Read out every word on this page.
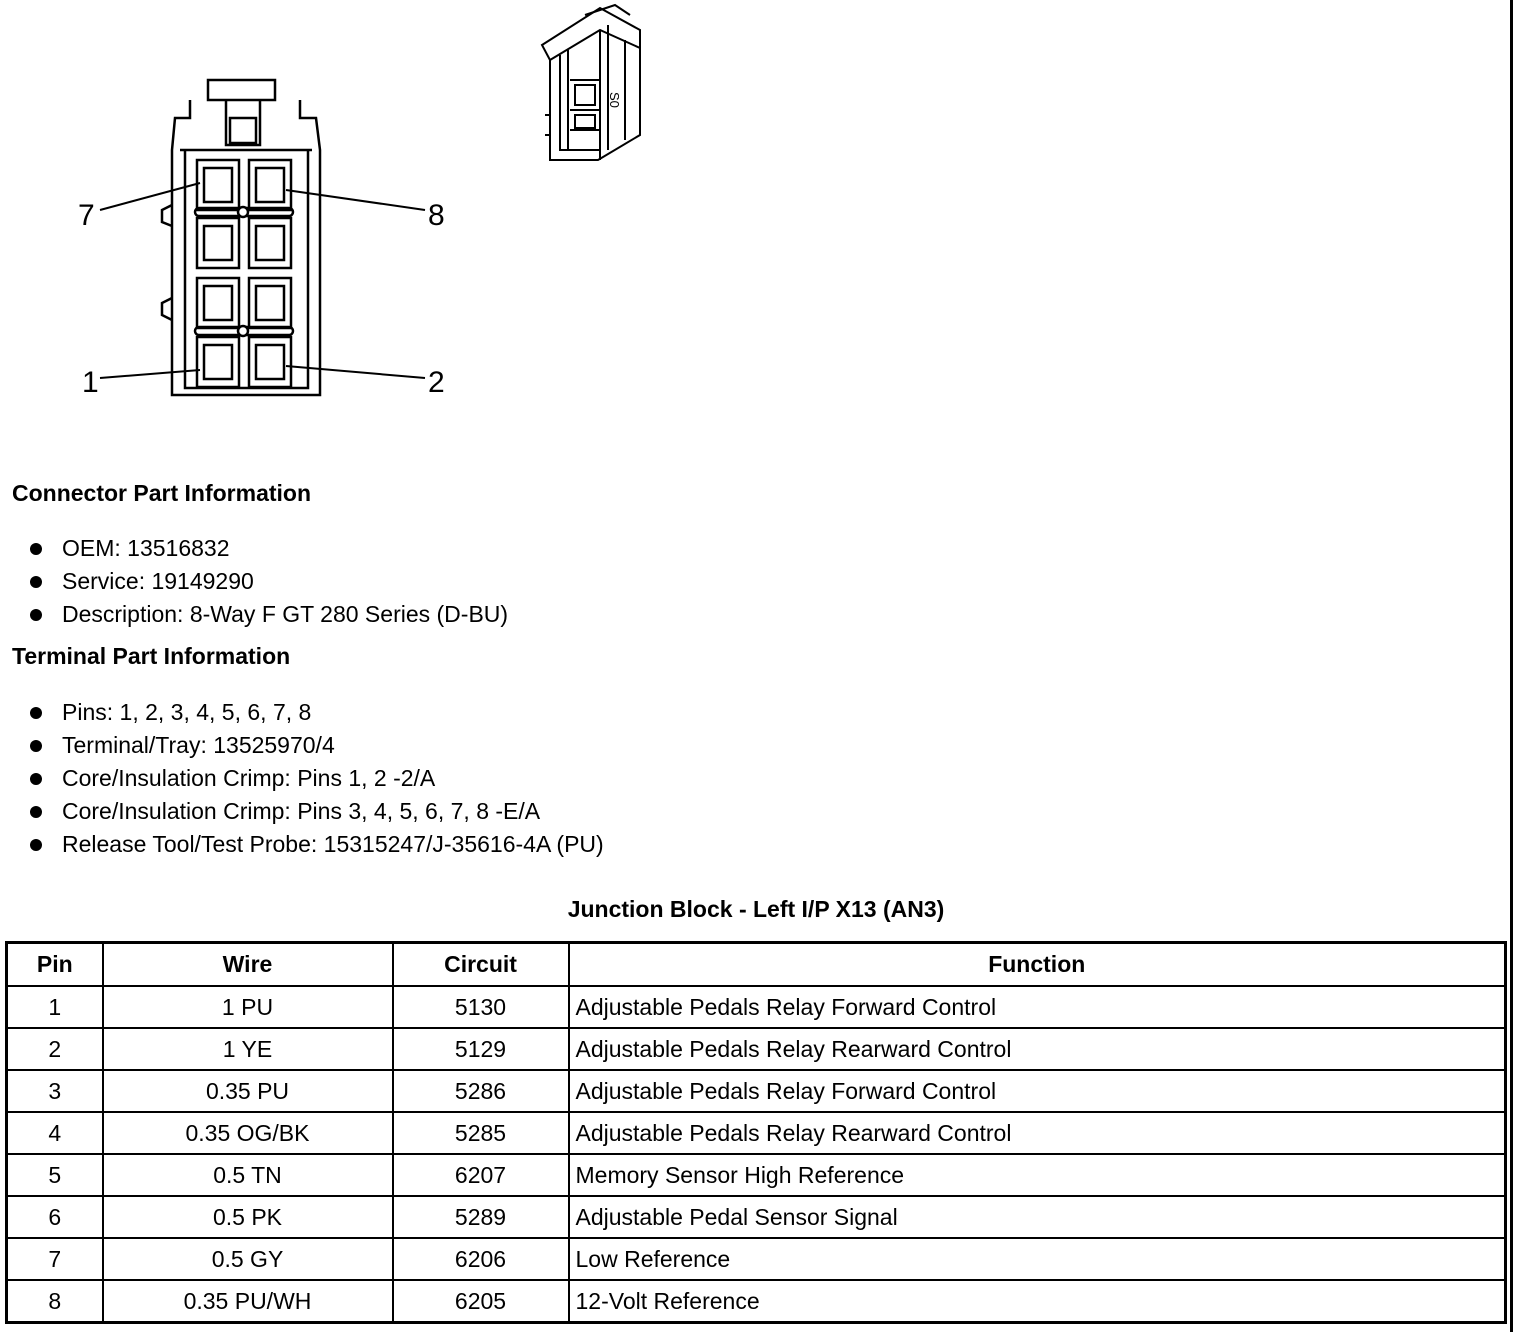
7	8
1	2
S0
Connector Part Information
OEM: 13516832
Service: 19149290
Description: 8-Way F GT 280 Series (D-BU)
Terminal Part Information
Pins: 1, 2, 3, 4, 5, 6, 7, 8
Terminal/Tray: 13525970/4
Core/Insulation Crimp: Pins 1, 2 -2/A
Core/Insulation Crimp: Pins 3, 4, 5, 6, 7, 8 -E/A
Release Tool/Test Probe: 15315247/J-35616-4A (PU)
Junction Block - Left I/P X13 (AN3)
Pin	Wire	Circuit	Function
1	1 PU	5130	Adjustable Pedals Relay Forward Control
2	1 YE	5129	Adjustable Pedals Relay Rearward Control
3	0.35 PU	5286	Adjustable Pedals Relay Forward Control
4	0.35 OG/BK	5285	Adjustable Pedals Relay Rearward Control
5	0.5 TN	6207	Memory Sensor High Reference
6	0.5 PK	5289	Adjustable Pedal Sensor Signal
7	0.5 GY	6206	Low Reference
8	0.35 PU/WH	6205	12-Volt Reference
